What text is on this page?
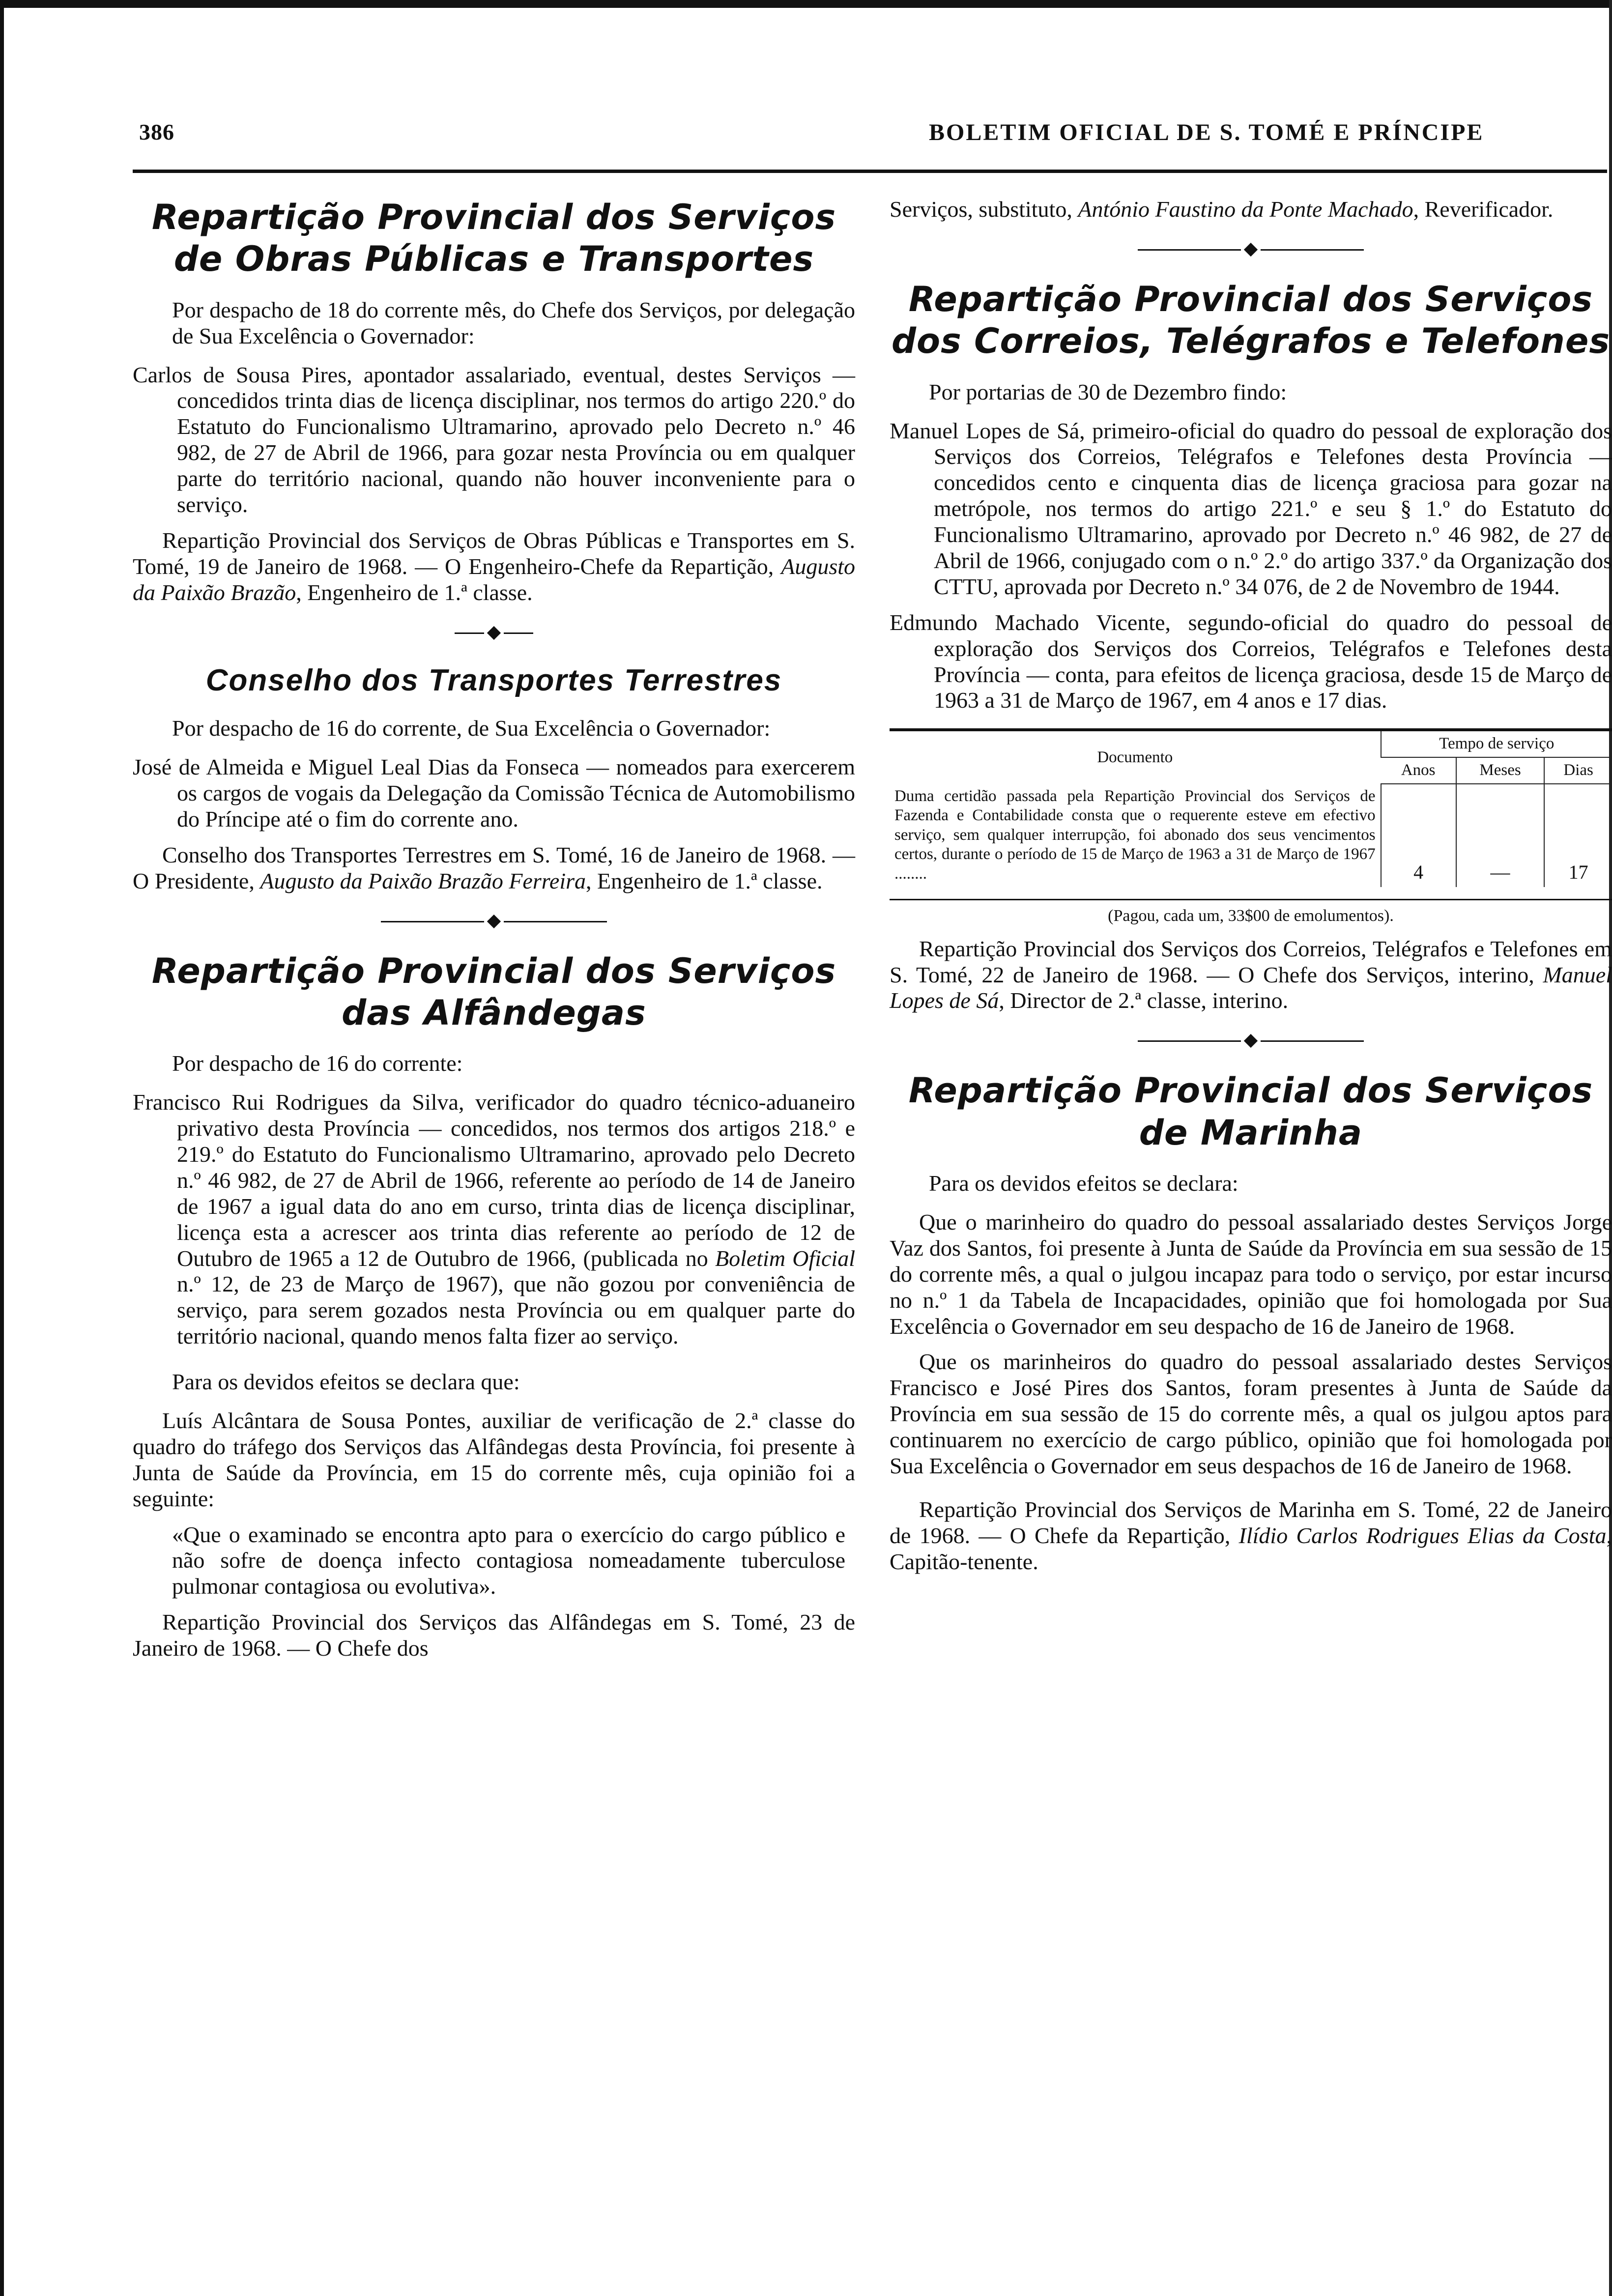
386	BOLETIM OFICIAL DE S. TOMÉ E PRÍNCIPE
Repartição Provincial dos Serviços
de Obras Públicas e Transportes

Por despacho de 18 do corrente mês, do Chefe dos Serviços, por delegação de Sua Excelência o Governador:

Carlos de Sousa Pires, apontador assalariado, eventual, destes Serviços — concedidos trinta dias de licença disciplinar, nos termos do artigo 220.º do Estatuto do Funcionalismo Ultramarino, aprovado pelo Decreto n.º 46 982, de 27 de Abril de 1966, para gozar nesta Província ou em qualquer parte do território nacional, quando não houver inconveniente para o serviço.

Repartição Provincial dos Serviços de Obras Públicas e Transportes em S. Tomé, 19 de Janeiro de 1968. — O Engenheiro-Chefe da Repartição, Augusto da Paixão Brazão, Engenheiro de 1.ª classe.

Conselho dos Transportes Terrestres

Por despacho de 16 do corrente, de Sua Excelência o Governador:

José de Almeida e Miguel Leal Dias da Fonseca — nomeados para exercerem os cargos de vogais da Delegação da Comissão Técnica de Automobilismo do Príncipe até o fim do corrente ano.

Conselho dos Transportes Terrestres em S. Tomé, 16 de Janeiro de 1968. — O Presidente, Augusto da Paixão Brazão Ferreira, Engenheiro de 1.ª classe.

Repartição Provincial dos Serviços
das Alfândegas

Por despacho de 16 do corrente:

Francisco Rui Rodrigues da Silva, verificador do quadro técnico-aduaneiro privativo desta Província — concedidos, nos termos dos artigos 218.º e 219.º do Estatuto do Funcionalismo Ultramarino, aprovado pelo Decreto n.º 46 982, de 27 de Abril de 1966, referente ao período de 14 de Janeiro de 1967 a igual data do ano em curso, trinta dias de licença disciplinar, licença esta a acrescer aos trinta dias referente ao período de 12 de Outubro de 1965 a 12 de Outubro de 1966, (publicada no Boletim Oficial n.º 12, de 23 de Março de 1967), que não gozou por conveniência de serviço, para serem gozados nesta Província ou em qualquer parte do território nacional, quando menos falta fizer ao serviço.

Para os devidos efeitos se declara que:

Luís Alcântara de Sousa Pontes, auxiliar de verificação de 2.ª classe do quadro do tráfego dos Serviços das Alfândegas desta Província, foi presente à Junta de Saúde da Província, em 15 do corrente mês, cuja opinião foi a seguinte:

«Que o examinado se encontra apto para o exercício do cargo público e não sofre de doença infecto contagiosa nomeadamente tuberculose pulmonar contagiosa ou evolutiva».

Repartição Provincial dos Serviços das Alfândegas em S. Tomé, 23 de Janeiro de 1968. — O Chefe dos

Serviços, substituto, António Faustino da Ponte Machado, Reverificador.

Repartição Provincial dos Serviços
dos Correios, Telégrafos e Telefones

Por portarias de 30 de Dezembro findo:

Manuel Lopes de Sá, primeiro-oficial do quadro do pessoal de exploração dos Serviços dos Correios, Telégrafos e Telefones desta Província — concedidos cento e cinquenta dias de licença graciosa para gozar na metrópole, nos termos do artigo 221.º e seu § 1.º do Estatuto do Funcionalismo Ultramarino, aprovado por Decreto n.º 46 982, de 27 de Abril de 1966, conjugado com o n.º 2.º do artigo 337.º da Organização dos CTTU, aprovada por Decreto n.º 34 076, de 2 de Novembro de 1944.

Edmundo Machado Vicente, segundo-oficial do quadro do pessoal de exploração dos Serviços dos Correios, Telégrafos e Telefones desta Província — conta, para efeitos de licença graciosa, desde 15 de Março de 1963 a 31 de Março de 1967, em 4 anos e 17 dias.

Documento	Tempo de serviço		
	Anos	Meses	Dias
Duma certidão passada pela Repartição Provincial dos Serviços de Fazenda e Contabilidade consta que o requerente esteve em efectivo serviço, sem qualquer interrupção, foi abonado dos seus vencimentos certos, durante o período de 15 de Março de 1963 a 31 de Março de 1967 ........	4	—	17
(Pagou, cada um, 33$00 de emolumentos).

Repartição Provincial dos Serviços dos Correios, Telégrafos e Telefones em S. Tomé, 22 de Janeiro de 1968. — O Chefe dos Serviços, interino, Manuel Lopes de Sá, Director de 2.ª classe, interino.

Repartição Provincial dos Serviços
de Marinha

Para os devidos efeitos se declara:

Que o marinheiro do quadro do pessoal assalariado destes Serviços Jorge Vaz dos Santos, foi presente à Junta de Saúde da Província em sua sessão de 15 do corrente mês, a qual o julgou incapaz para todo o serviço, por estar incurso no n.º 1 da Tabela de Incapacidades, opinião que foi homologada por Sua Excelência o Governador em seu despacho de 16 de Janeiro de 1968.

Que os marinheiros do quadro do pessoal assalariado destes Serviços Francisco e José Pires dos Santos, foram presentes à Junta de Saúde da Província em sua sessão de 15 do corrente mês, a qual os julgou aptos para continuarem no exercício de cargo público, opinião que foi homologada por Sua Excelência o Governador em seus despachos de 16 de Janeiro de 1968.

Repartição Provincial dos Serviços de Marinha em S. Tomé, 22 de Janeiro de 1968. — O Chefe da Repartição, Ilídio Carlos Rodrigues Elias da Costa, Capitão-tenente.
